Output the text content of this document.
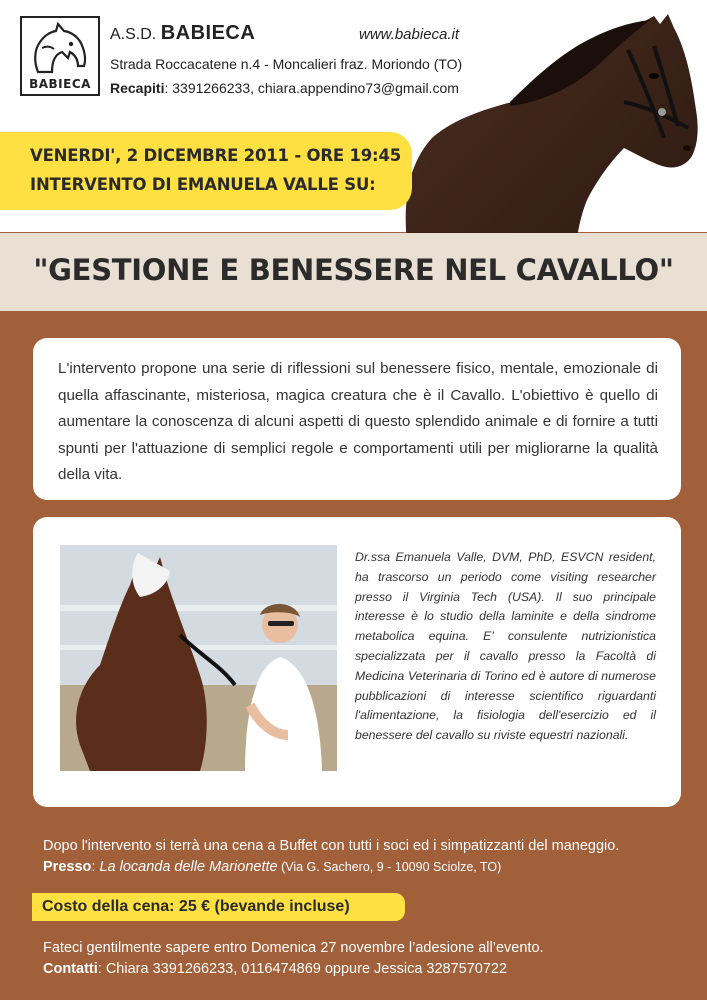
BABIECA
A.S.D. BABIECA	www.babieca.it
Strada Roccacatene n.4 - Moncalieri fraz. Moriondo (TO)
Recapiti: 3391266233, chiara.appendino73@gmail.com
VENERDI', 2 DICEMBRE 2011 - ORE 19:45
INTERVENTO DI EMANUELA VALLE SU:
"GESTIONE E BENESSERE NEL CAVALLO"
L'intervento propone una serie di riflessioni sul benessere fisico, mentale, emozionale di quella affascinante, misteriosa, magica creatura che è il Cavallo. L'obiettivo è quello di aumentare la conoscenza di alcuni aspetti di questo splendido animale e di fornire a tutti spunti per l'attuazione di semplici regole e comportamenti utili per migliorarne la qualità della vita.
Dr.ssa Emanuela Valle, DVM, PhD, ESVCN resident, ha trascorso un periodo come visiting researcher presso il Virginia Tech (USA). Il suo principale interesse è lo studio della laminite e della sindrome metabolica equina. E' consulente nutrizionistica specializzata per il cavallo presso la Facoltà di Medicina Veterinaria di Torino ed è autore di numerose pubblicazioni di interesse scientifico riguardanti l'alimentazione, la fisiologia dell'esercizio ed il benessere del cavallo su riviste equestri nazionali.
Dopo l'intervento si terrà una cena a Buffet con tutti i soci ed i simpatizzanti del maneggio.
Presso: La locanda delle Marionette (Via G. Sachero, 9 - 10090 Sciolze, TO)
Costo della cena: 25 € (bevande incluse)
Fateci gentilmente sapere entro Domenica 27 novembre l’adesione all’evento.
Contatti: Chiara 3391266233, 0116474869 oppure Jessica 3287570722
